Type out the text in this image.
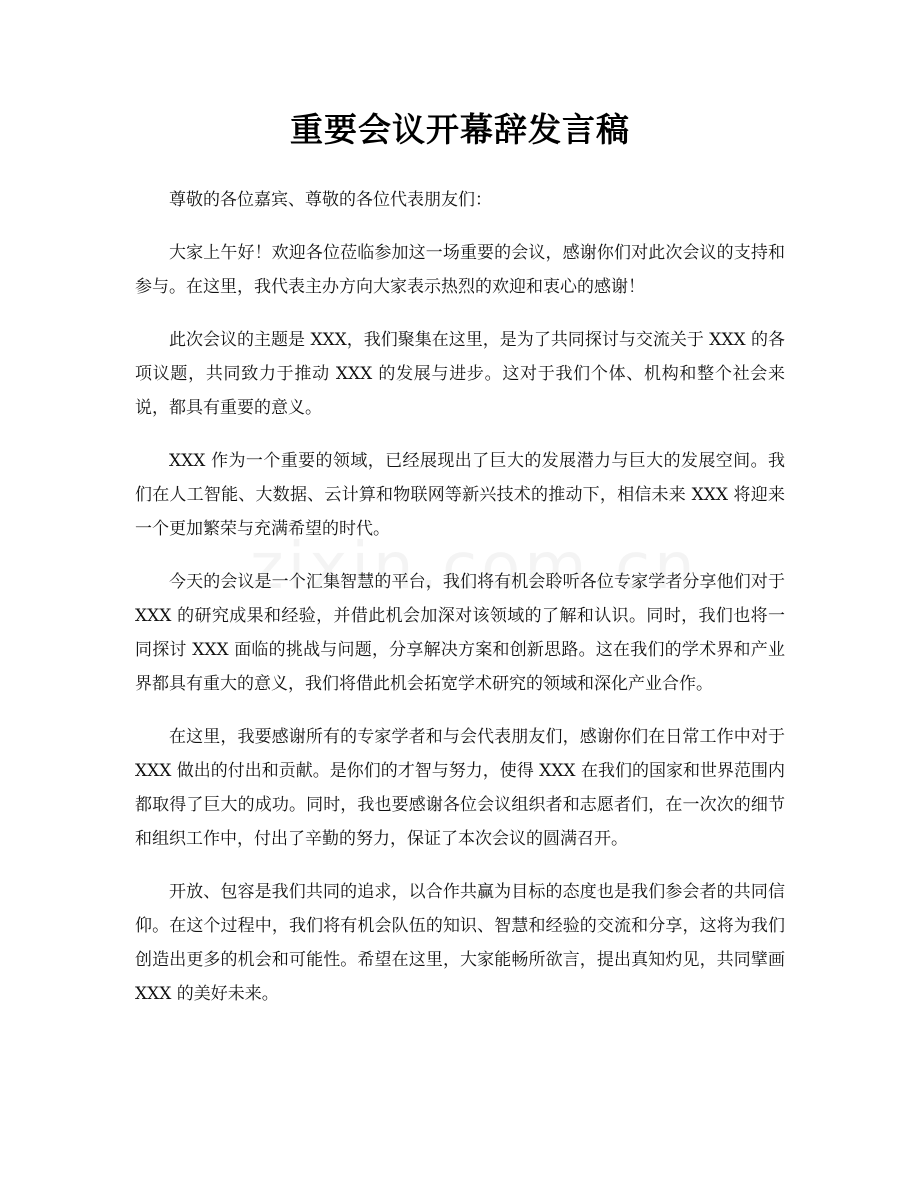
重要会议开幕辞发言稿

尊敬的各位嘉宾、尊敬的各位代表朋友们：

大家上午好！欢迎各位莅临参加这一场重要的会议，感谢你们对此次会议的支持和参与。在这里，我代表主办方向大家表示热烈的欢迎和衷心的感谢！

此次会议的主题是 XXX，我们聚集在这里，是为了共同探讨与交流关于 XXX 的各项议题，共同致力于推动 XXX 的发展与进步。这对于我们个体、机构和整个社会来说，都具有重要的意义。

XXX 作为一个重要的领域，已经展现出了巨大的发展潜力与巨大的发展空间。我们在人工智能、大数据、云计算和物联网等新兴技术的推动下，相信未来 XXX 将迎来一个更加繁荣与充满希望的时代。

今天的会议是一个汇集智慧的平台，我们将有机会聆听各位专家学者分享他们对于 XXX 的研究成果和经验，并借此机会加深对该领域的了解和认识。同时，我们也将一同探讨 XXX 面临的挑战与问题，分享解决方案和创新思路。这在我们的学术界和产业界都具有重大的意义，我们将借此机会拓宽学术研究的领域和深化产业合作。

在这里，我要感谢所有的专家学者和与会代表朋友们，感谢你们在日常工作中对于 XXX 做出的付出和贡献。是你们的才智与努力，使得 XXX 在我们的国家和世界范围内都取得了巨大的成功。同时，我也要感谢各位会议组织者和志愿者们，在一次次的细节和组织工作中，付出了辛勤的努力，保证了本次会议的圆满召开。

开放、包容是我们共同的追求，以合作共赢为目标的态度也是我们参会者的共同信仰。在这个过程中，我们将有机会队伍的知识、智慧和经验的交流和分享，这将为我们创造出更多的机会和可能性。希望在这里，大家能畅所欲言，提出真知灼见，共同擘画 XXX 的美好未来。
